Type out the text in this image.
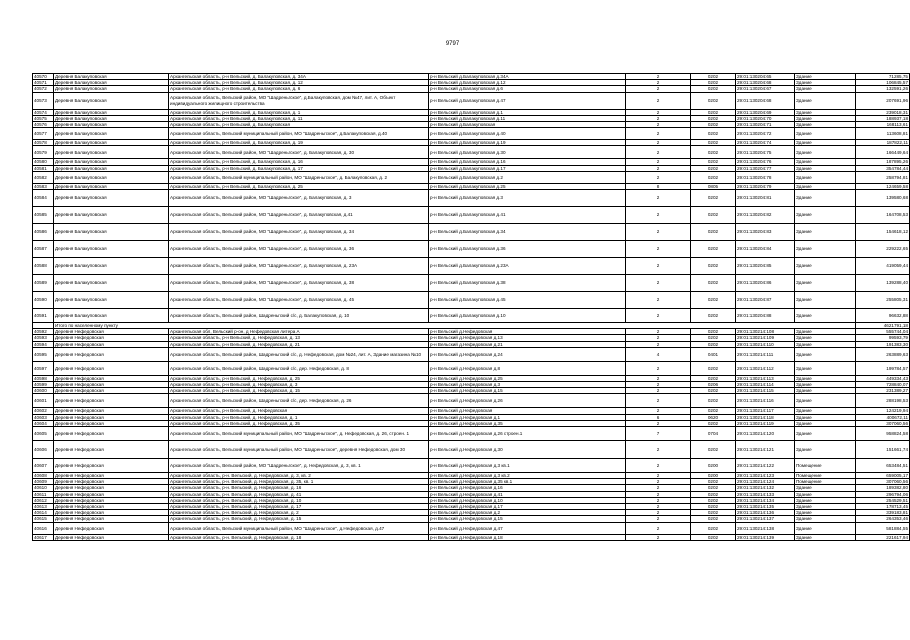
9797
40570	Деревня Балакуповская	Архангельская область, р-н Вельский, д. Балакуповская, д. 34А	р-н Вельский д.Балакуповская д.34А	2	0202	29:01:130204:65	Здание	71285,75
40571	Деревня Балакуповская	Архангельская область, р-н Вельский, д. Балакуповская, д. 12	р-н Вельский д.Балакуповская д.12	2	0202	29:01:130204:68	Здание	106845,57
40572	Деревня Балакуповская	Архангельская область, р-н Вельский, д. Балакуповская, д. 6	р-н Вельский д.Балакуповская д.6	2	0202	29:01:130204:67	Здание	132591,26
40573	Деревня Балакуповская	Архангельская область, Вельский район, МО "Шадреньгское", д.Балакуповская, дом №47, лит. А, Объект индивидуального жилищного строительства	р-н Вельский д.Балакуповская д.47	2	0202	29:01:130204:68	Здание	207691,96
40574	Деревня Балакуповская	Архангельская область, р-н Вельский, д. Балакуповская, д. 1	р-н Вельский д.Балакуповская д.1	2	0202	29:01:130204:69	Здание	239018,31
40575	Деревня Балакуповская	Архангельская область, р-н Вельский, д. Балакуповская, д. 11	р-н Вельский д.Балакуповская д.11	2	0202	29:01:130204:70	Здание	188937,18
40576	Деревня Балакуповская	Архангельская область, р-н Вельский, д. Балакуповская	р-н Вельский д.Балакуповская	2	0202	29:01:130204:71	Здание	168113,61
40577	Деревня Балакуповская	Архангельская область, Вельский муниципальный район, МО "Шадреньгское", д.Балакуповская, д.40	р-н Вельский д.Балакуповская д.40	2	0202	29:01:130204:72	Здание	113608,81
40578	Деревня Балакуповская	Архангельская область, р-н Вельский, д. Балакуповская, д. 19	р-н Вельский д.Балакуповская д.19	2	0202	29:01:130204:74	Здание	187822,11
40579	Деревня Балакуповская	Архангельская область, Вельский район, МО "Шадреньгское", д. Балакуповская, д. 30	р-н Вельский д.Балакуповская д.30	2	0202	29:01:130204:75	Здание	166449,64
40580	Деревня Балакуповская	Архангельская область, р-н Вельский, д. Балакуповская, д. 16	р-н Вельский д.Балакуповская д.16	2	0202	29:01:130204:76	Здание	187895,26
40581	Деревня Балакуповская	Архангельская область, р-н Вельский, д. Балакуповская, д. 17	р-н Вельский д.Балакуповская д.17	2	0202	29:01:130204:77	Здание	354784,44
40582	Деревня Балакуповская	Архангельская область, Вельский муниципальный район, МО "Шадреньгское", д. Балакуповская, д. 2	р-н Вельский д.Балакуповская д.2	2	0202	29:01:130204:78	Здание	258794,81
40583	Деревня Балакуповская	Архангельская область, р-н Вельский, д. Балакуповская, д. 25	р-н Вельский д.Балакуповская д.25	8	0805	29:01:130204:79	Здание	124659,58
40584	Деревня Балакуповская	Архангельская область, Вельский район, МО "Шадреньгское", д. Балакуповская, д. 3	р-н Вельский д.Балакуповская д.3	2	0202	29:01:130204:81	Здание	139580,68
40585	Деревня Балакуповская	Архангельская область, Вельский район, МО "Шадреньгское", д. Балакуповская, д.41	р-н Вельский д.Балакуповская д.41	2	0202	29:01:130204:82	Здание	164708,53
40586	Деревня Балакуповская	Архангельская область, Вельский район, МО "Шадреньгское", д. Балакуповская, д. 34	р-н Вельский д.Балакуповская д.34	2	0202	29:01:130204:83	Здание	154618,12
40587	Деревня Балакуповская	Архангельская область, Вельский район, МО "Шадреньгское", д. Балакуповская, д. 36	р-н Вельский д.Балакуповская д.36	2	0202	29:01:130204:84	Здание	229222,65
40588	Деревня Балакуповская	Архангельская область, Вельский район, МО "Шадреньгское", д. Балакуповская, д. 23А	р-н Вельский д.Балакуповская д.23А	2	0202	29:01:130204:85	Здание	419059,44
40589	Деревня Балакуповская	Архангельская область, Вельский район, МО "Шадреньгское", д. Балакуповская, д. 38	р-н Вельский д.Балакуповская д.38	2	0202	29:01:130204:86	Здание	139288,40
40590	Деревня Балакуповская	Архангельская область, Вельский район, МО "Шадреньгское", д. Балакуповская, д. 45	р-н Вельский д.Балакуповская д.45	2	0202	29:01:130204:87	Здание	255805,31
40591	Деревня Балакуповская	Архангельская область, Вельский район, Шадреньгский с/с, д. Балакуповская, д. 10	р-н Вельский д.Балакуповская д.10	2	0202	29:01:130204:88	Здание	96632,88
	Итого по населенному пункту							4621791,18
40592	Деревня Нефедовская	Архангельская обл, Вельский р-он, д Нефедовская литера А	р-н Вельский д.Нефедовская	2	0202	29:01:130214:108	Здание	555744,04
40593	Деревня Нефедовская	Архангельская область, р-н Вельский, д. Нефедовская, д. 13	р-н Вельский д.Нефедовская д.13	2	0202	29:01:130214:109	Здание	99593,79
40594	Деревня Нефедовская	Архангельская область, р-н Вельский, д. Нефедовская, д. 21	р-н Вельский д.Нефедовская д.21	2	0202	29:01:130214:110	Здание	191383,30
40595	Деревня Нефедовская	Архангельская область, Вельский район, Шадреньгский с/с, д. Нефедовская, дом №24, лит. А, Здание магазина №10	р-н Вельский д.Нефедовская д.24	4	0401	29:01:130214:111	Здание	263889,63
40597	Деревня Нефедовская	Архангельская область, Вельский район, Шадреньгский с/с, дер. Нефедовская, д. 8	р-н Вельский д.Нефедовская д.8	2	0202	29:01:130214:112	Здание	199784,57
40598	Деревня Нефедовская	Архангельская область, р-н Вельский, д. Нефедовская, д. 25	р-н Вельский д.Нефедовская д.25	2	0202	29:01:130214:113	Здание	449334,43
40599	Деревня Нефедовская	Архангельская область, р-н Вельский, д. Нефедовская, д. 3	р-н Вельский д.Нефедовская д.3	2	0206	29:01:130214:114	Здание	728840,07
40600	Деревня Нефедовская	Архангельская область, р-н Вельский, д. Нефедовская, д. 15	р-н Вельский д.Нефедовская д.15	2	0202	29:01:130214:115	Здание	231389,27
40601	Деревня Нефедовская	Архангельская область, Вельский район, Шадреньгский с/с, дер. Нефедовская, д. 26	р-н Вельский д.Нефедовская д.26	2	0202	29:01:130214:116	Здание	288198,53
40602	Деревня Нефедовская	Архангельская область, р-н Вельский, д. Нефедовская	р-н Вельский д.Нефедовская	2	0202	29:01:130214:117	Здание	124219,94
40603	Деревня Нефедовская	Архангельская область, р-н Вельский, д. Нефедовская, д. 1	р-н Вельский д.Нефедовская д.1	6	0620	29:01:130214:118	Здание	400672,11
40604	Деревня Нефедовская	Архангельская область, р-н Вельский, д. Нефедовская, д. 35	р-н Вельский д.Нефедовская д.35	2	0202	29:01:130214:119	Здание	307060,56
40605	Деревня Нефедовская	Архангельская область, Вельский муниципальный район, МО "Шадреньгское", д. Нефедовская, д. 26, строен. 1	р-н Вельский д.Нефедовская д.26 строен.1	7	0704	29:01:130214:120	Здание	958824,58
40606	Деревня Нефедовская	Архангельская область, Вельский муниципальный район, МО "Шадреньгское", деревня Нефедовская, дом 30	р-н Вельский д.Нефедовская д.30	2	0202	29:01:130214:121	Здание	151661,74
40607	Деревня Нефедовская	Архангельская область, Вельский район, МО "Шадреньгское", д. Нефедовская, д. 3, кв. 1	р-н Вельский д.Нефедовская д.3 кв.1	2	0200	29:01:130214:122	Помещение	653484,51
40608	Деревня Нефедовская	Архангельская область, р-н. Вельский, д. Нефедовская, д. 3, кв. 2	р-н Вельский д.Нефедовская д.3 кв.2	2	0200	29:01:130214:123	Помещение	659005,17
40609	Деревня Нефедовская	Архангельская область, р-н. Вельский, д. Нефедовская, д. 35, кв. 1	р-н Вельский д.Нефедовская д.35 кв.1	2	0202	29:01:130214:124	Помещение	307060,56
40610	Деревня Нефедовская	Архангельская область, р-н. Вельский, д. Нефедовская, д. 16	р-н Вельский д.Нефедовская д.16	2	0202	29:01:130214:132	Здание	189382,80
40611	Деревня Нефедовская	Архангельская область, р-н. Вельский, д. Нефедовская, д. 41	р-н Вельский д.Нефедовская д.41	2	0202	29:01:130214:133	Здание	296794,06
40612	Деревня Нефедовская	Архангельская область, р-н. Вельский, д. Нефедовская, д. 10	р-н Вельский д.Нефедовская д.10	2	0202	29:01:130214:134	Здание	254529,51
40613	Деревня Нефедовская	Архангельская область, р-н. Вельский, д. Нефедовская, д. 17	р-н Вельский д.Нефедовская д.17	2	0202	29:01:130214:135	Здание	178713,45
40614	Деревня Нефедовская	Архангельская область, р-н. Вельский, д. Нефедовская, д. 2	р-н Вельский д.Нефедовская д.2	2	0202	29:01:130214:136	Здание	339183,81
40615	Деревня Нефедовская	Архангельская область, р-н. Вельский, д. Нефедовская, д. 15	р-н Вельский д.Нефедовская д.15	2	0202	29:01:130214:137	Здание	264353,46
40616	Деревня Нефедовская	Архангельская область, Вельский муниципальный район, МО "Шадреньгское", д.Нефедовская, д.47	р-н Вельский д.Нефедовская д.47	2	0202	29:01:130214:138	Здание	581884,55
40617	Деревня Нефедовская	Архангельская область, р-н. Вельский, д. Нефедовская, д. 18	р-н Вельский д.Нефедовская д.18	2	0202	29:01:130214:139	Здание	221617,94
